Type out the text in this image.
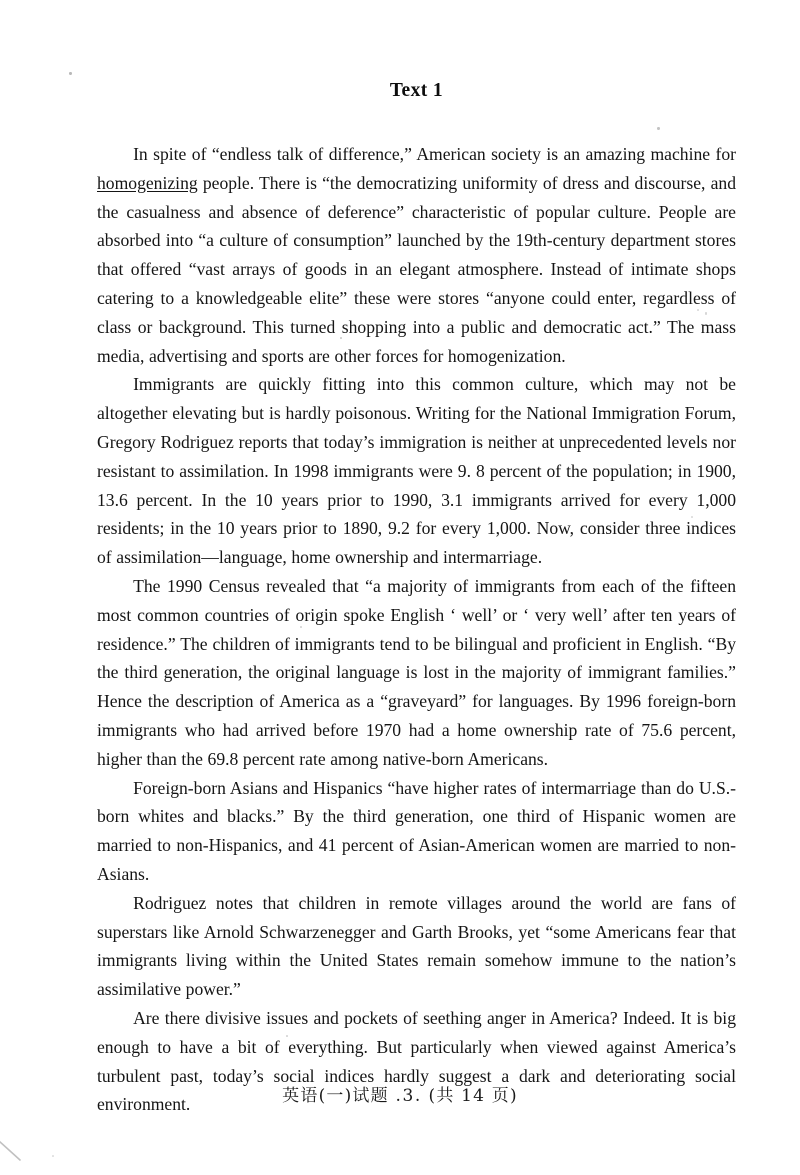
Text 1

In spite of “endless talk of difference,” American society is an amazing machine for homogenizing people. There is “the democratizing uniformity of dress and discourse, and the casualness and absence of deference” characteristic of popular culture. People are absorbed into “a culture of consumption” launched by the 19th-century department stores that offered “vast arrays of goods in an elegant atmosphere. Instead of intimate shops catering to a knowledgeable elite” these were stores “anyone could enter, regardless of class or background. This turned shopping into a public and democratic act.” The mass media, advertising and sports are other forces for homogenization.

Immigrants are quickly fitting into this common culture, which may not be altogether elevating but is hardly poisonous. Writing for the National Immigration Forum, Gregory Rodriguez reports that today’s immigration is neither at unprecedented levels nor resistant to assimilation. In 1998 immigrants were 9. 8 percent of the population; in 1900, 13.6 percent. In the 10 years prior to 1990, 3.1 immigrants arrived for every 1,000 residents; in the 10 years prior to 1890, 9.2 for every 1,000. Now, consider three indices of assimilation—language, home ownership and intermarriage.

The 1990 Census revealed that “a majority of immigrants from each of the fifteen most common countries of origin spoke English ‘ well’ or ‘ very well’ after ten years of residence.” The children of immigrants tend to be bilingual and proficient in English. “By the third generation, the original language is lost in the majority of immigrant families.” Hence the description of America as a “graveyard” for languages. By 1996 foreign-born immigrants who had arrived before 1970 had a home ownership rate of 75.6 percent, higher than the 69.8 percent rate among native-born Americans.

Foreign-born Asians and Hispanics “have higher rates of intermarriage than do U.S.-born whites and blacks.” By the third generation, one third of Hispanic women are married to non-Hispanics, and 41 percent of Asian-American women are married to non-Asians.

Rodriguez notes that children in remote villages around the world are fans of superstars like Arnold Schwarzenegger and Garth Brooks, yet “some Americans fear that immigrants living within the United States remain somehow immune to the nation’s assimilative power.”

Are there divisive issues and pockets of seething anger in America? Indeed. It is big enough to have a bit of everything. But particularly when viewed against America’s turbulent past, today’s social indices hardly suggest a dark and deteriorating social environment.	英语(一)试题 .3. (共 14 页)
